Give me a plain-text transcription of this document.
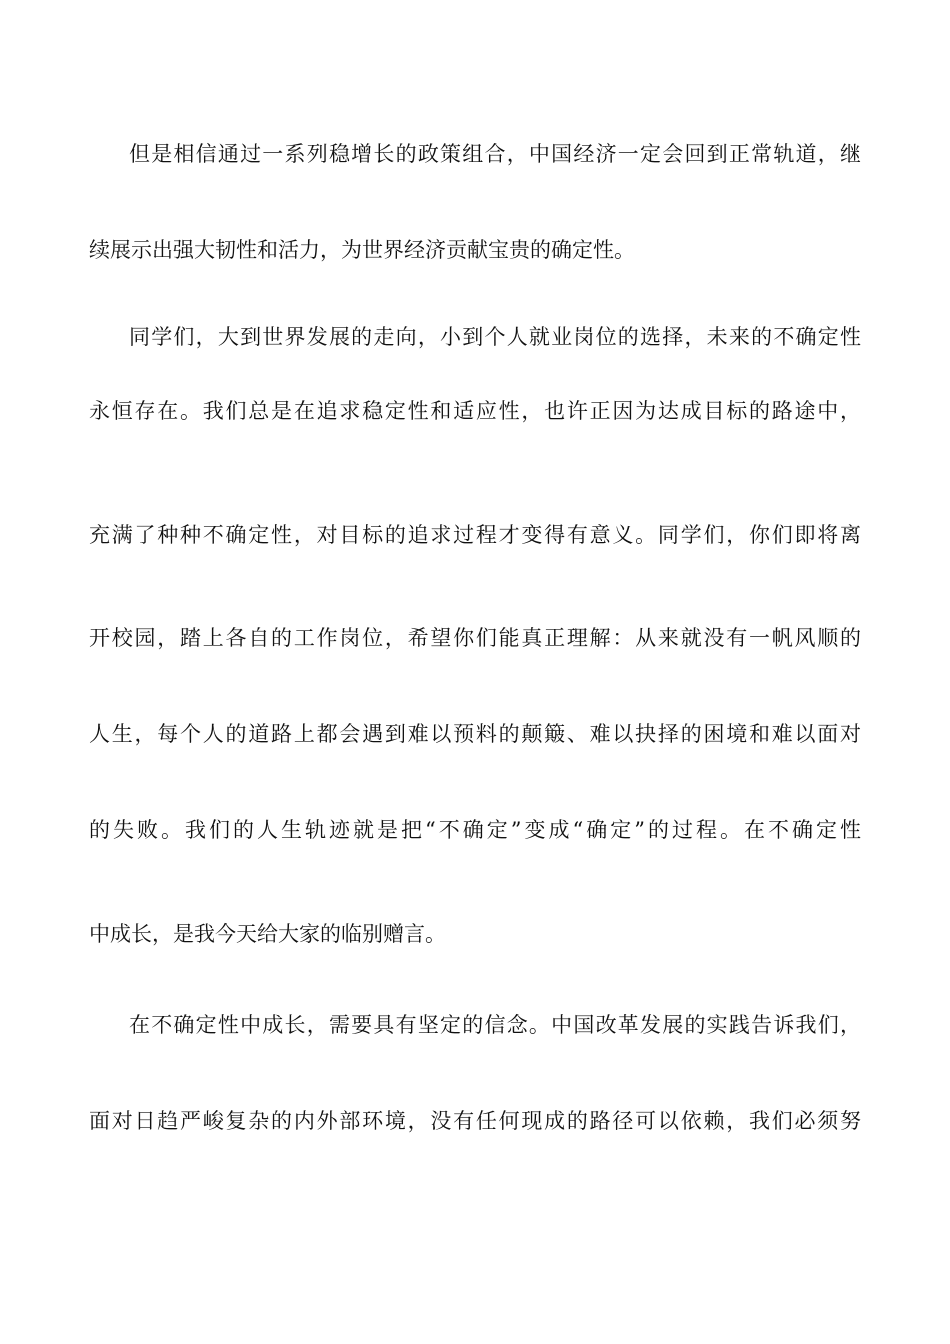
但是相信通过一系列稳增长的政策组合，中国经济一定会回到正常轨道，继
续展示出强大韧性和活力，为世界经济贡献宝贵的确定性。
同学们，大到世界发展的走向，小到个人就业岗位的选择，未来的不确定性
永恒存在。我们总是在追求稳定性和适应性，也许正因为达成目标的路途中，
充满了种种不确定性，对目标的追求过程才变得有意义。同学们，你们即将离
开校园，踏上各自的工作岗位，希望你们能真正理解：从来就没有一帆风顺的
人生，每个人的道路上都会遇到难以预料的颠簸、难以抉择的困境和难以面对
的失败。我们的人生轨迹就是把“不确定”变成“确定”的过程。在不确定性
中成长，是我今天给大家的临别赠言。
在不确定性中成长，需要具有坚定的信念。中国改革发展的实践告诉我们，
面对日趋严峻复杂的内外部环境，没有任何现成的路径可以依赖，我们必须努
